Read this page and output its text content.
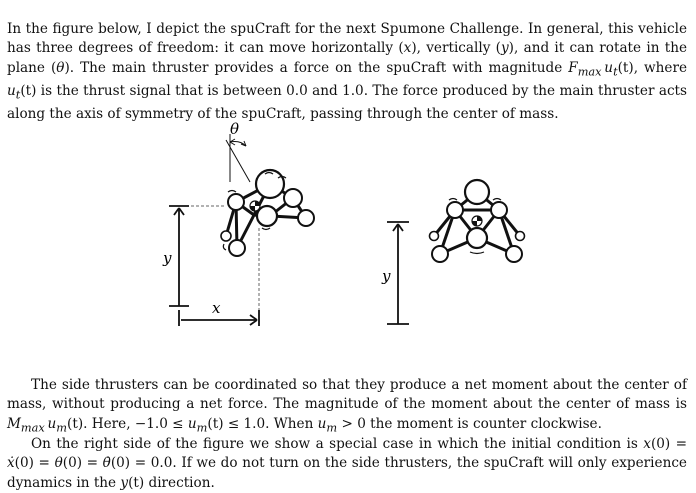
In the figure below, I depict the spuCraft for the next Spumone Challenge. In general, this vehicle has three degrees of freedom: it can move horizontally (x), vertically (y), and it can rotate in the plane (θ). The main thruster provides a force on the spuCraft with magnitude $F_{max}$  $u_t(t)$, where $u_t(t)$ is the thrust signal that is between 0.0 and 1.0. The force produced by the main thruster acts along the axis of symmetry of the spuCraft, passing through the center of mass.

θ
y
x
y

The side thrusters can be coordinated so that they produce a net moment about the center of mass, without producing a net force. The magnitude of the moment about the center of mass is $M_{max}$  $u_m(t)$. Here, $-1.0 \le u_m(t) \le 1.0$. When $u_m > 0$ the moment is counter clockwise.

On the right side of the figure we show a special case in which the initial condition is x(0) = ẋ(0) = θ(0) = θ̇(0) = 0.0. If we do not turn on the side thrusters, the spuCraft will only experience dynamics in the y(t) direction.
